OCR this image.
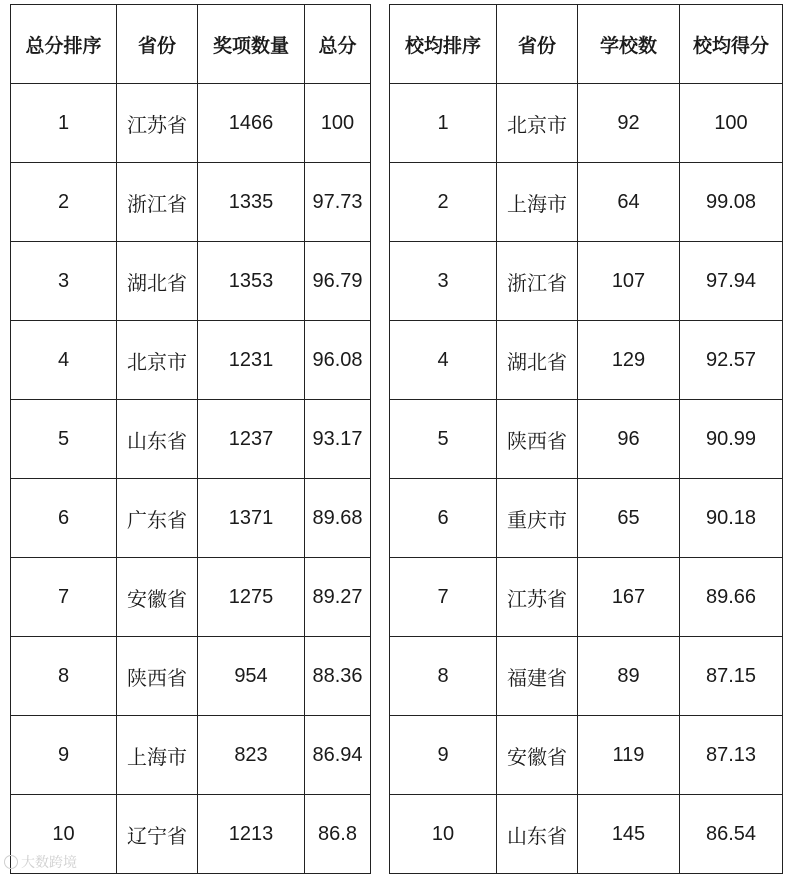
总分排序	省份	奖项数量	总分
1	江苏省	1466	100
2	浙江省	1335	97.73
3	湖北省	1353	96.79
4	北京市	1231	96.08
5	山东省	1237	93.17
6	广东省	1371	89.68
7	安徽省	1275	89.27
8	陕西省	954	88.36
9	上海市	823	86.94
10	辽宁省	1213	86.8
校均排序	省份	学校数	校均得分
1	北京市	92	100
2	上海市	64	99.08
3	浙江省	107	97.94
4	湖北省	129	92.57
5	陕西省	96	90.99
6	重庆市	65	90.18
7	江苏省	167	89.66
8	福建省	89	87.15
9	安徽省	119	87.13
10	山东省	145	86.54
大数跨境
